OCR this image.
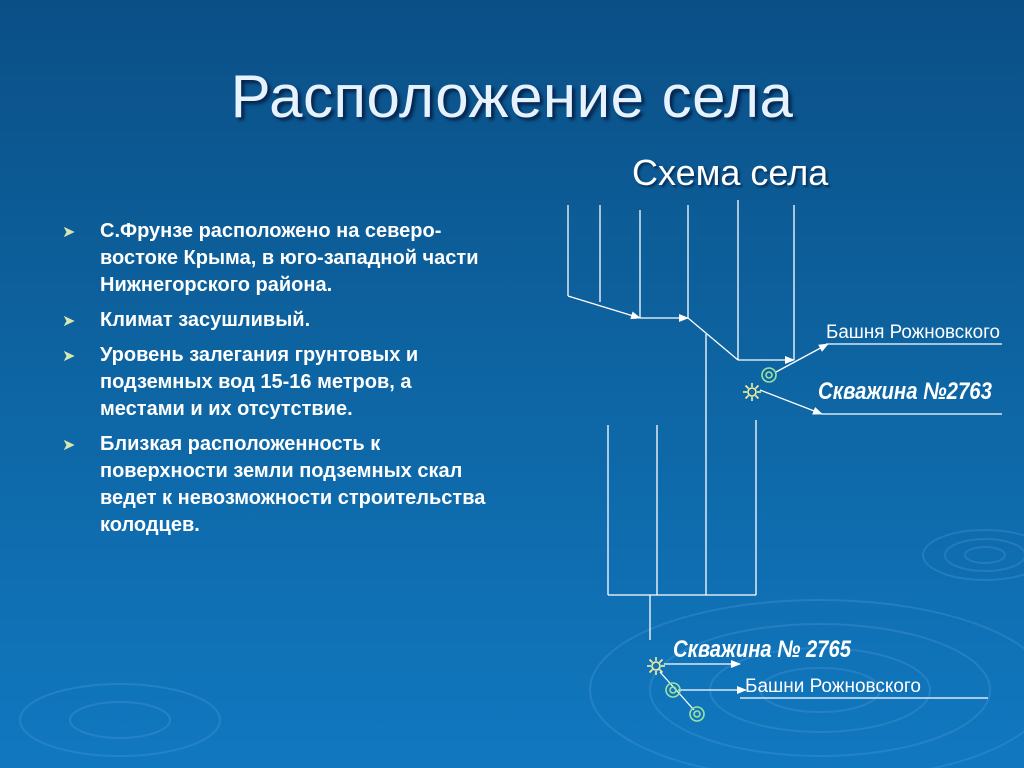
Расположение села
Схема села
➤ С.Фрунзе расположено на северо-востоке Крыма, в юго-западной части Нижнегорского района.
➤ Климат засушливый.
➤ Уровень залегания грунтовых и подземных вод 15-16 метров, а местами и их отсутствие.
➤ Близкая расположенность к поверхности земли подземных скал ведет к невозможности строительства колодцев.
Башня Рожновского
Скважина №2763
Скважина № 2765
Башни Рожновского
